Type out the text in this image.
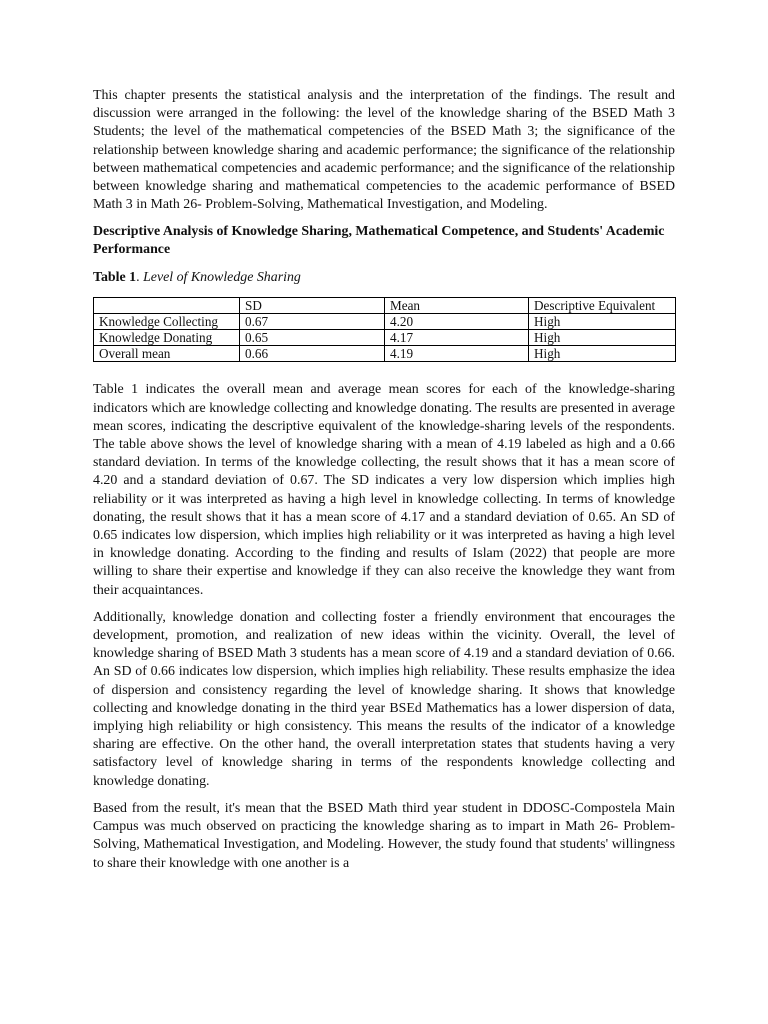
This chapter presents the statistical analysis and the interpretation of the findings. The result and discussion were arranged in the following: the level of the knowledge sharing of the BSED Math 3 Students; the level of the mathematical competencies of the BSED Math 3; the significance of the relationship between knowledge sharing and academic performance; the significance of the relationship between mathematical competencies and academic performance; and the significance of the relationship between knowledge sharing and mathematical competencies to the academic performance of BSED Math 3 in Math 26- Problem-Solving, Mathematical Investigation, and Modeling.

Descriptive Analysis of Knowledge Sharing, Mathematical Competence, and Students' Academic Performance
Table 1. Level of Knowledge Sharing
	SD	Mean	Descriptive Equivalent
Knowledge Collecting	0.67	4.20	High
Knowledge Donating	0.65	4.17	High
Overall mean	0.66	4.19	High

Table 1 indicates the overall mean and average mean scores for each of the knowledge-sharing indicators which are knowledge collecting and knowledge donating. The results are presented in average mean scores, indicating the descriptive equivalent of the knowledge-sharing levels of the respondents. The table above shows the level of knowledge sharing with a mean of 4.19 labeled as high and a 0.66 standard deviation. In terms of the knowledge collecting, the result shows that it has a mean score of 4.20 and a standard deviation of 0.67. The SD indicates a very low dispersion which implies high reliability or it was interpreted as having a high level in knowledge collecting. In terms of knowledge donating, the result shows that it has a mean score of 4.17 and a standard deviation of 0.65. An SD of 0.65 indicates low dispersion, which implies high reliability or it was interpreted as having a high level in knowledge donating. According to the finding and results of Islam (2022) that people are more willing to share their expertise and knowledge if they can also receive the knowledge they want from their acquaintances.

Additionally, knowledge donation and collecting foster a friendly environment that encourages the development, promotion, and realization of new ideas within the vicinity. Overall, the level of knowledge sharing of BSED Math 3 students has a mean score of 4.19 and a standard deviation of 0.66. An SD of 0.66 indicates low dispersion, which implies high reliability. These results emphasize the idea of dispersion and consistency regarding the level of knowledge sharing. It shows that knowledge collecting and knowledge donating in the third year BSEd Mathematics has a lower dispersion of data, implying high reliability or high consistency. This means the results of the indicator of a knowledge sharing are effective. On the other hand, the overall interpretation states that students having a very satisfactory level of knowledge sharing in terms of the respondents knowledge collecting and knowledge donating.

Based from the result, it's mean that the BSED Math third year student in DDOSC-Compostela Main Campus was much observed on practicing the knowledge sharing as to impart in Math 26- Problem-Solving, Mathematical Investigation, and Modeling. However, the study found that students' willingness to share their knowledge with one another is a
